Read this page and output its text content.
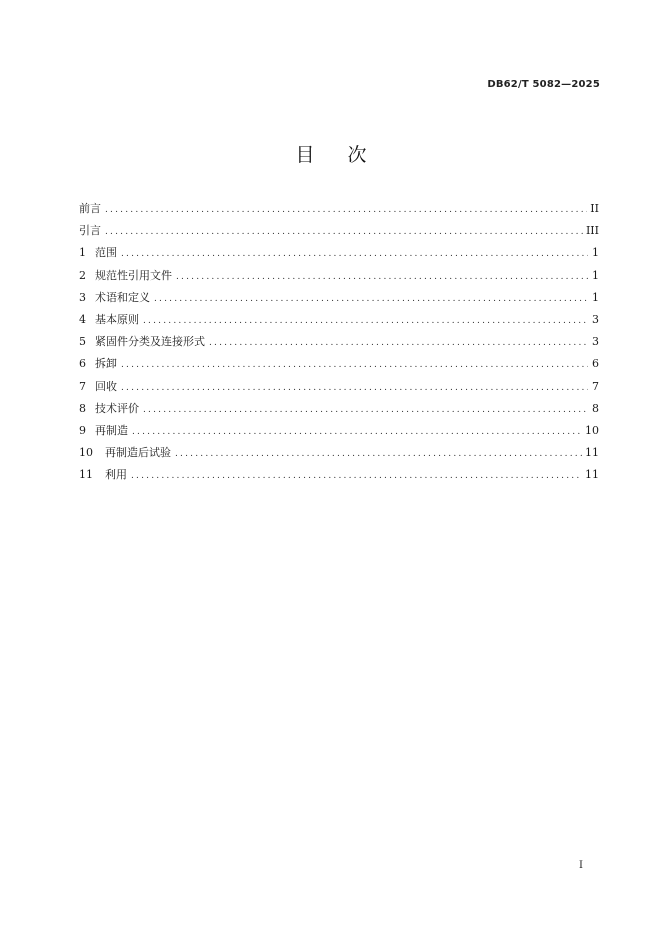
DB62/T 5082—2025
目次
前言 .....	II
引言 .....	III
1 范围 .....	1
2 规范性引用文件 .....	1
3 术语和定义 .....	1
4 基本原则 .....	3
5 紧固件分类及连接形式 .....	3
6 拆卸 .....	6
7 回收 .....	7
8 技术评价 .....	8
9 再制造 .....	10
10 再制造后试验 .....	11
11 利用 .....	11
I
